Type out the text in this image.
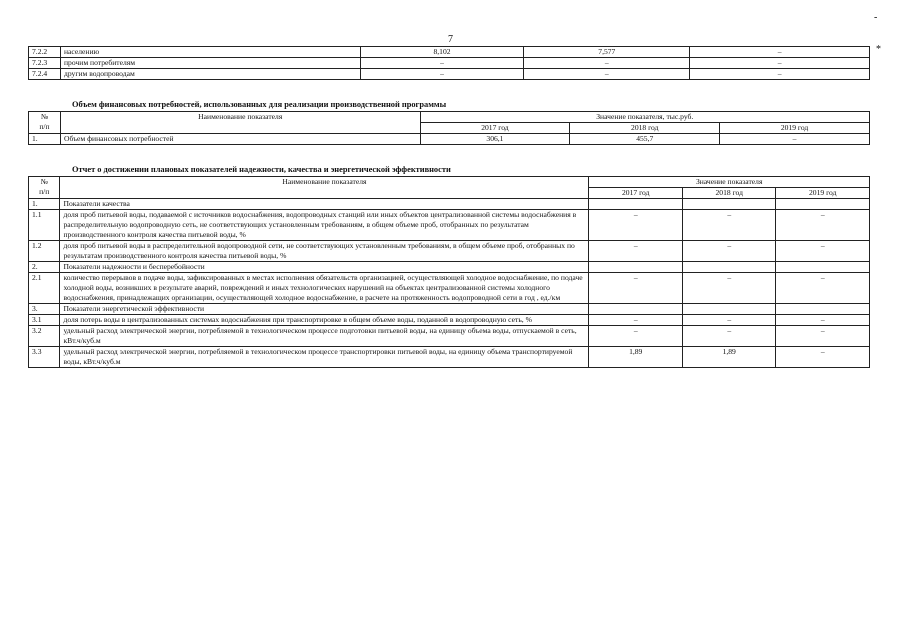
7
-
*
7.2.2	населению	8,102	7,577	–
7.2.3	прочим потребителям	–	–	–
7.2.4	другим водопроводам	–	–	–
Объем финансовых потребностей, использованных для реализации производственной программы
№
п/п	Наименование показателя	Значение показателя, тыс.руб.		
		2017 год	2018 год	2019 год
1.	Объем финансовых потребностей	306,1	455,7	–
Отчет о достижении плановых показателей надежности, качества и энергетической эффективности
№
п/п	Наименование показателя	Значение показателя		
		2017 год	2018 год	2019 год
1.	Показатели качества			
1.1	доля проб питьевой воды, подаваемой с источников водоснабжения, водопроводных станций или иных объектов централизованной системы водоснабжения в распределительную водопроводную сеть, не соответствующих установленным требованиям, в общем объеме проб, отобранных по результатам производственного контроля качества питьевой воды, %	–	–	–
1.2	доля проб питьевой воды в распределительной водопроводной сети, не соответствующих установленным требованиям, в общем объеме проб, отобранных по результатам производственного контроля качества питьевой воды, %	–	–	–
2.	Показатели надежности и бесперебойности			
2.1	количество перерывов в подаче воды, зафиксированных в местах исполнения обязательств организацией, осуществляющей холодное водоснабжение, по подаче холодной воды, возникших в результате аварий, повреждений и иных технологических нарушений на объектах централизованной системы холодного водоснабжения, принадлежащих организации, осуществляющей холодное водоснабжение, в расчете на протяженность водопроводной сети в год , ед./км	–	–	–
3.	Показатели энергетической эффективности			
3.1	доля потерь воды в централизованных системах водоснабжения при транспортировке в общем объеме воды, поданной в водопроводную сеть, %	–	–	–
3.2	удельный расход электрической энергии, потребляемой в технологическом процессе подготовки питьевой воды, на единицу объема воды, отпускаемой в сеть, кВт.ч/куб.м	–	–	–
3.3	удельный расход электрической энергии, потребляемой в технологическом процессе транспортировки питьевой воды, на единицу объема транспортируемой воды, кВт.ч/куб.м	1,89	1,89	–
